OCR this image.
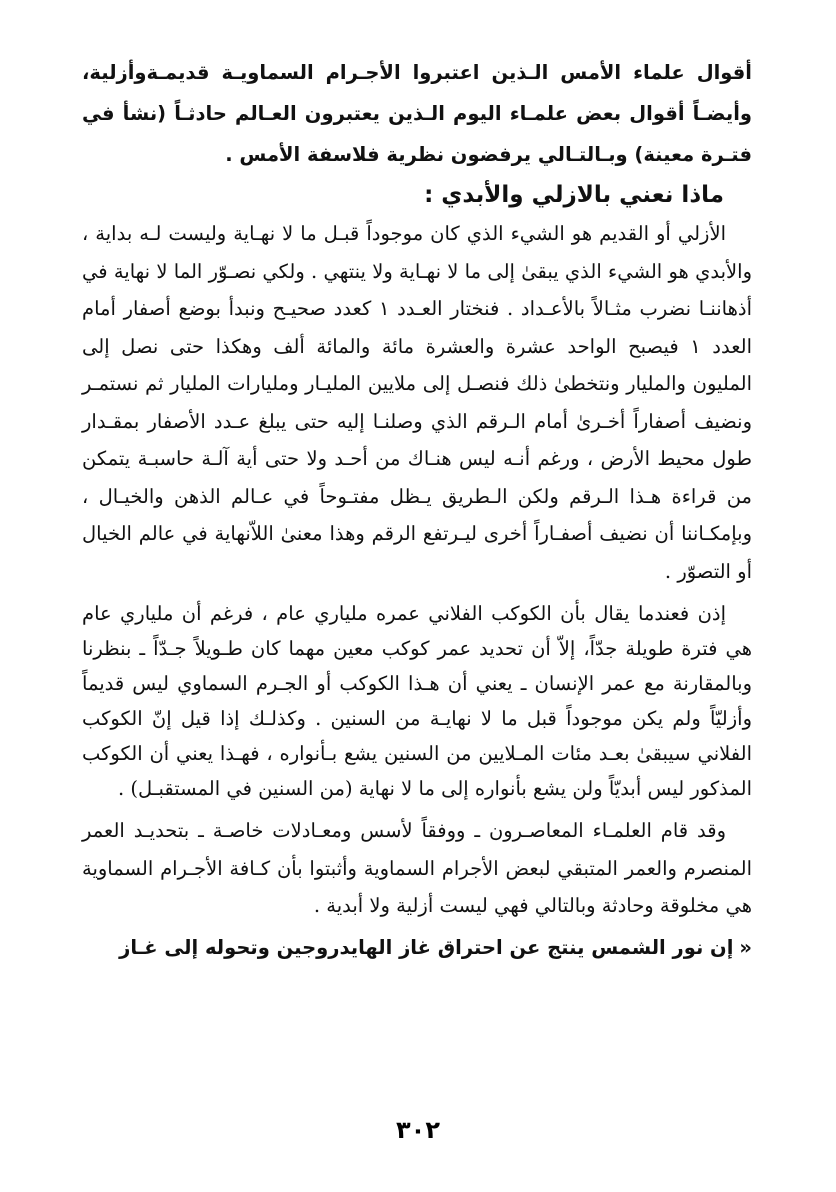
أقوال علماء الأمس الـذين اعتبروا الأجـرام السماويـة قديمـةوأزلية، وأيضـاً أقوال بعض علمـاء اليوم الـذين يعتبرون العـالم حادثـاً (نشأ في فتـرة معينة) وبـالتـالي يرفضون نظرية فلاسفة الأمس .

ماذا نعني بالازلي والأبدي :

الأزلي أو القديم هو الشيء الذي كان موجوداً قبـل ما لا نهـاية وليست لـه بداية ، والأبدي هو الشيء الذي يبقىٰ إلى ما لا نهـاية ولا ينتهي . ولكي نصـوّر الما لا نهاية في أذهاننـا نضرب مثـالاً بالأعـداد . فنختار العـدد ١ كعدد صحيـح ونبدأ بوضع أصفار أمام العدد ١ فيصبح الواحد عشرة والعشرة مائة والمائة ألف وهكذا حتى نصل إلى المليون والمليار ونتخطىٰ ذلك فنصـل إلى ملايين المليـار ومليارات المليار ثم نستمـر ونضيف أصفاراً أخـرىٰ أمام الـرقم الذي وصلنـا إليه حتى يبلغ عـدد الأصفار بمقـدار طول محيط الأرض ، ورغم أنـه ليس هنـاك من أحـد ولا حتى أية آلـة حاسبـة يتمكن من قراءة هـذا الـرقم ولكن الـطريق يـظل مفتـوحاً في عـالم الذهن والخيـال ، وبإمكـاننا أن نضيف أصفـاراً أخرى ليـرتفع الرقم وهذا معنىٰ اللاّنهاية في عالم الخيال أو التصوّر .

إذن فعندما يقال بأن الكوكب الفلاني عمره ملياري عام ، فرغم أن ملياري عام هي فترة طويلة جدّاً، إلاّ أن تحديد عمر كوكب معين مهما كان طـويلاً جـدّاً ـ بنظرنا وبالمقارنة مع عمر الإنسان ـ يعني أن هـذا الكوكب أو الجـرم السماوي ليس قديماً وأزليّاً ولم يكن موجوداً قبل ما لا نهايـة من السنين . وكذلـك إذا قيل إنّ الكوكب الفلاني سيبقىٰ بعـد مئات المـلايين من السنين يشع بـأنواره ، فهـذا يعني أن الكوكب المذكور ليس أبديّاً ولن يشع بأنواره إلى ما لا نهاية (من السنين في المستقبـل) .

وقد قام العلمـاء المعاصـرون ـ ووفقاً لأسس ومعـادلات خاصـة ـ بتحديـد العمر المنصرم والعمر المتبقي لبعض الأجرام السماوية وأثبتوا بأن كـافة الأجـرام السماوية هي مخلوقة وحادثة وبالتالي فهي ليست أزلية ولا أبدية .

«إن نور الشمس ينتج عن احتراق غاز الهايدروجين وتحوله إلى غـاز
٣٠٢
